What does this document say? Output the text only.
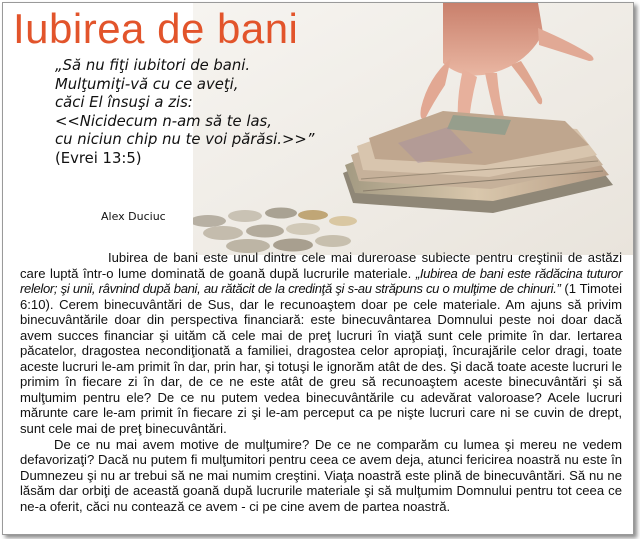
Iubirea de bani
„Să nu fiţi iubitori de bani.
Mulţumiţi-vă cu ce aveţi,
căci El însuşi a zis:
<<Nicidecum n-am să te las,
cu niciun chip nu te voi părăsi.>>”
(Evrei 13:5)
Alex Duciuc

Iubirea de bani este unul dintre cele mai dureroase subiecte pentru creştinii de astăzi care luptă într-o lume dominată de goană după lucrurile materiale. „Iubirea de bani este rădăcina tuturor relelor; şi unii, râvnind după bani, au rătăcit de la credinţă şi s-au străpuns cu o mulţime de chinuri.” (1 Timotei 6:10). Cerem binecuvântări de Sus, dar le recunoaştem doar pe cele materiale. Am ajuns să privim binecuvântările doar din perspectiva financiară: este binecuvântarea Domnului peste noi doar dacă avem succes financiar şi uităm că cele mai de preţ lucruri în viaţă sunt cele primite în dar. Iertarea păcatelor, dragostea necondiţionată a familiei, dragostea celor apropiaţi, încurajările celor dragi, toate aceste lucruri le-am primit în dar, prin har, şi totuşi le ignorăm atât de des. Şi dacă toate aceste lucruri le primim în fiecare zi în dar, de ce ne este atât de greu să recunoaştem aceste binecuvântări şi să mulţumim pentru ele? De ce nu putem vedea binecuvântările cu adevărat valoroase? Acele lucruri mărunte care le-am primit în fiecare zi şi le-am perceput ca pe nişte lucruri care ni se cuvin de drept, sunt cele mai de preţ binecuvântări.

De ce nu mai avem motive de mulţumire? De ce ne comparăm cu lumea şi mereu ne vedem defavorizaţi? Dacă nu putem fi mulţumitori pentru ceea ce avem deja, atunci fericirea noastră nu este în Dumnezeu şi nu ar trebui să ne mai numim creştini. Viaţa noastră este plină de binecuvântări. Să nu ne lăsăm dar orbiţi de această goană după lucrurile materiale şi să mulţumim Domnului pentru tot ceea ce ne-a oferit, căci nu contează ce avem - ci pe cine avem de partea noastră.
